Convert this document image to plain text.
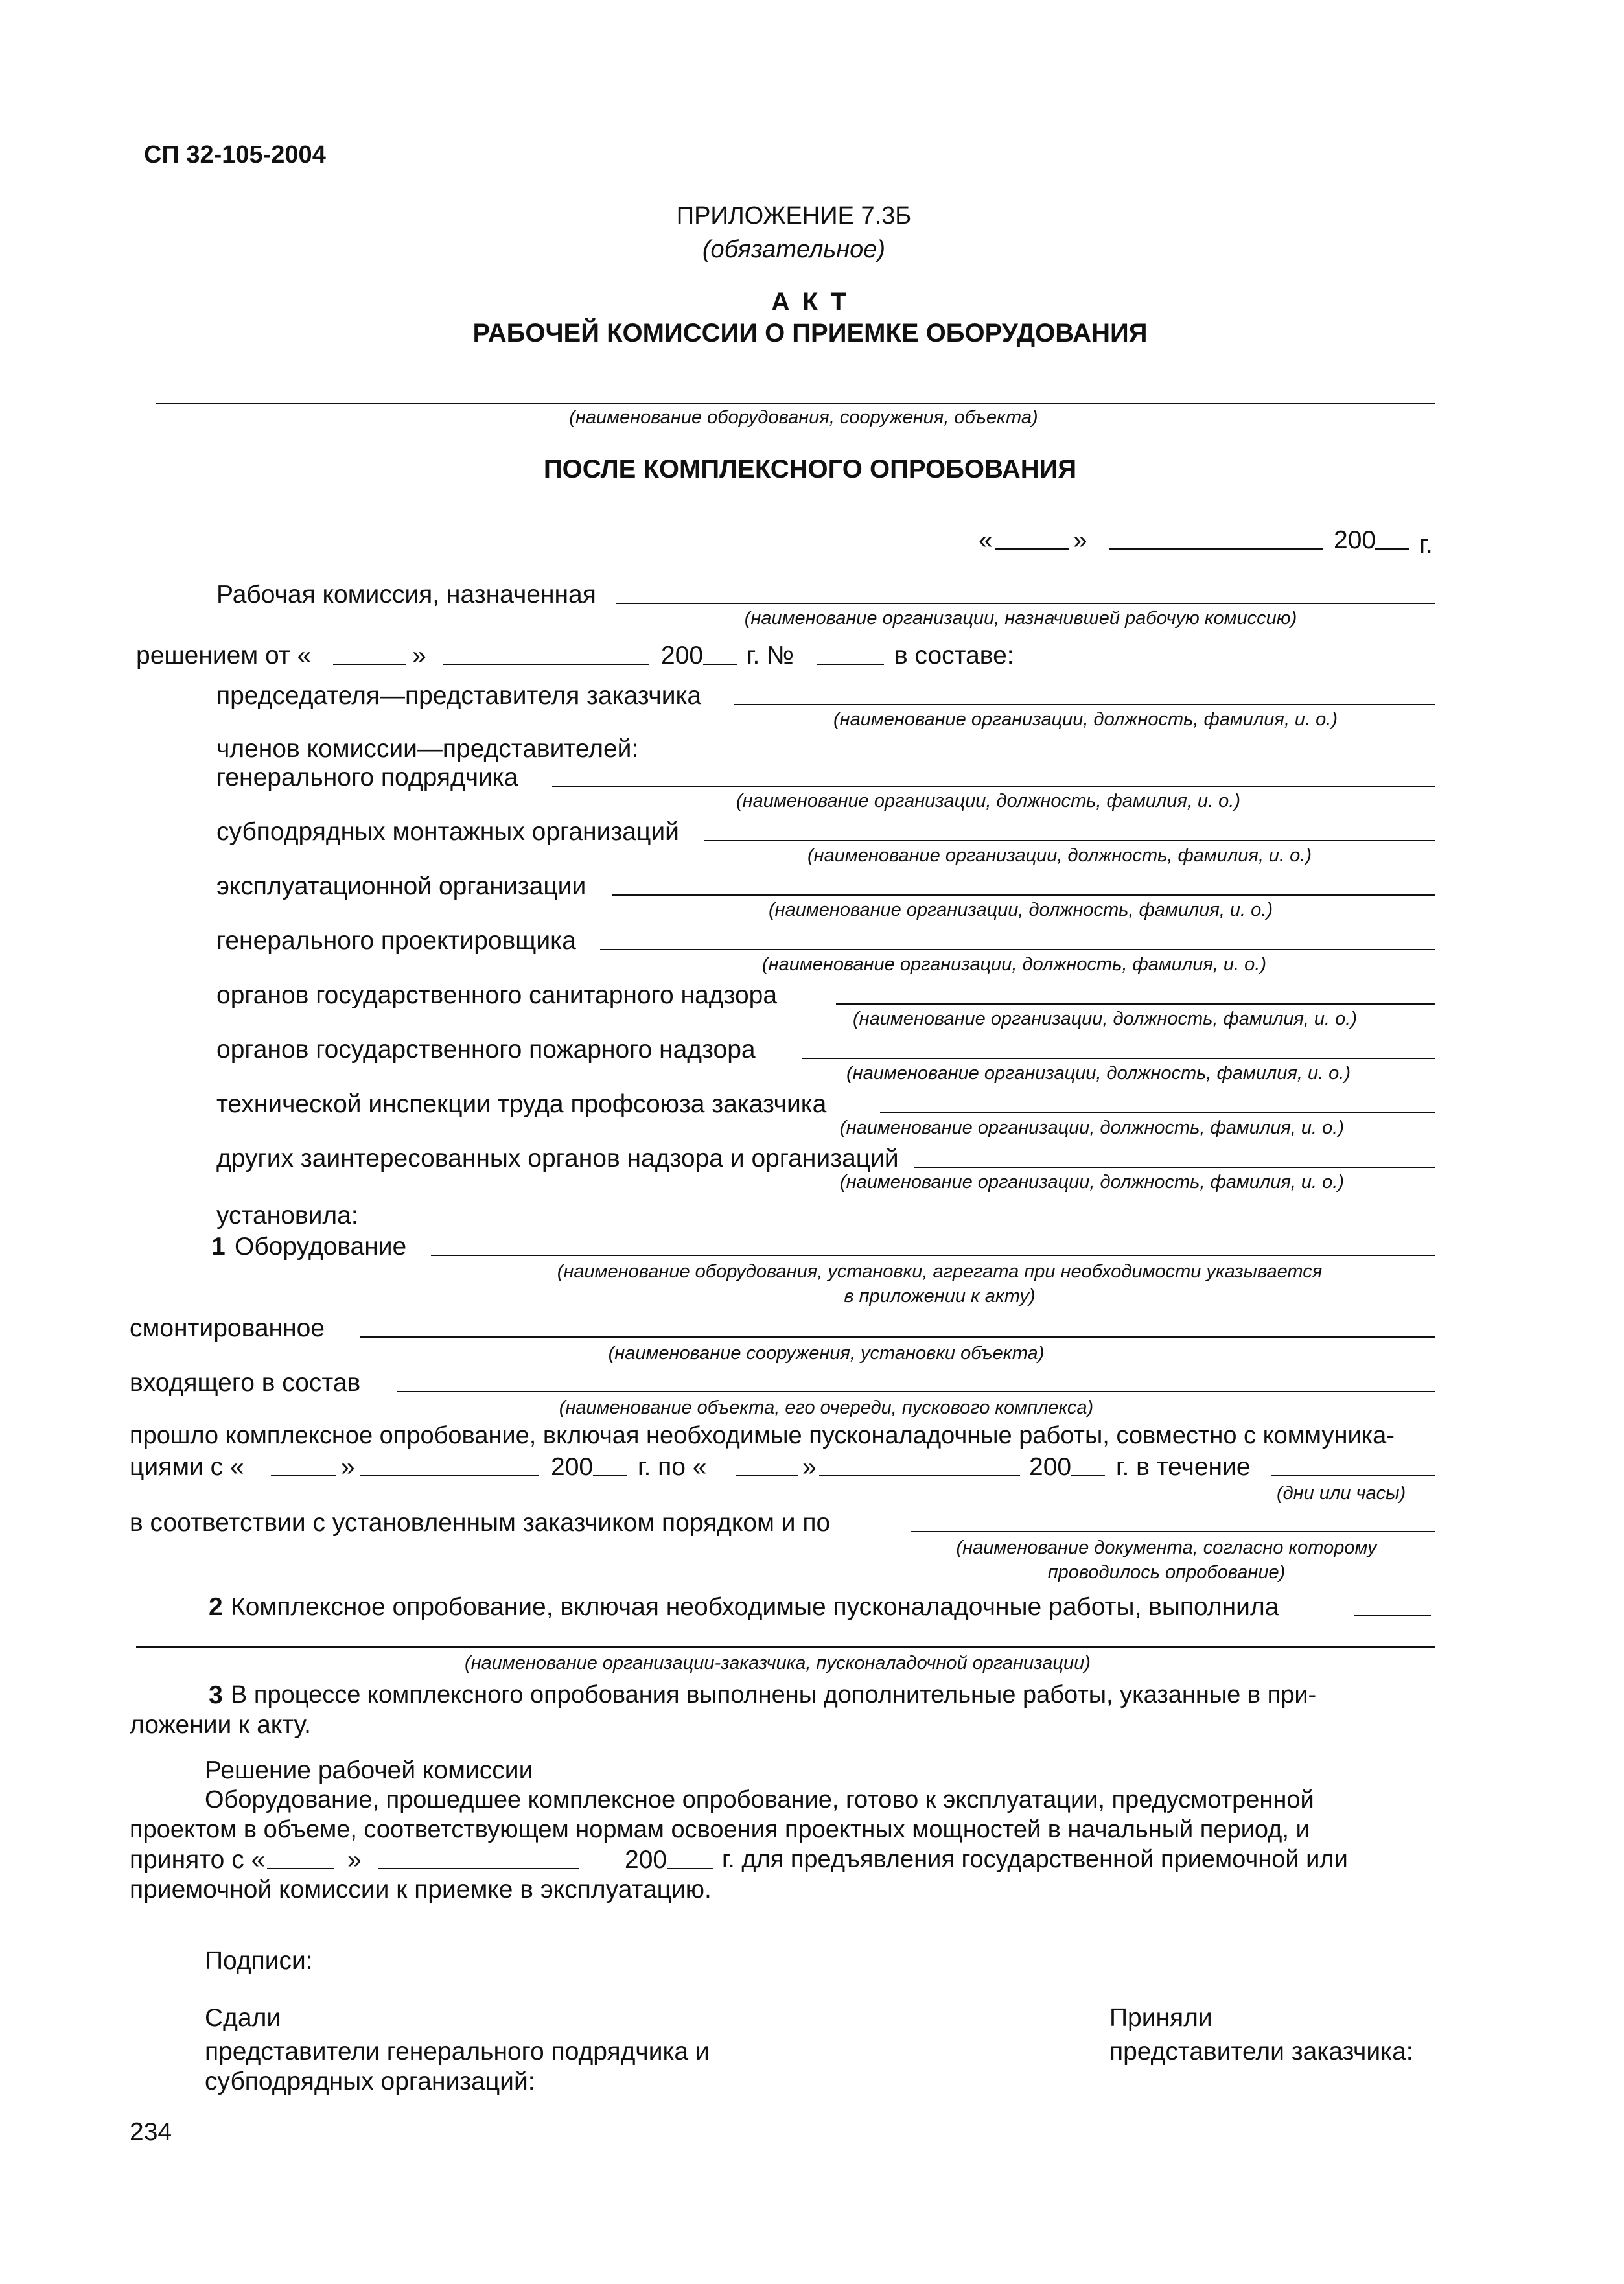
СП 32-105-2004
ПРИЛОЖЕНИЕ 7.3Б
(обязательное)
А К Т
РАБОЧЕЙ КОМИССИИ О ПРИЕМКЕ ОБОРУДОВАНИЯ
(наименование оборудования, сооружения, объекта)
ПОСЛЕ КОМПЛЕКСНОГО ОПРОБОВАНИЯ
«	»	200 г.
Рабочая комиссия, назначенная
(наименование организации, назначившей рабочую комиссию)
решением от «	»	200 г. №	в составе:
председателя—представителя заказчика
(наименование организации, должность, фамилия, и. о.)
членов комиссии—представителей:
генерального подрядчика
(наименование организации, должность, фамилия, и. о.)
субподрядных монтажных организаций
(наименование организации, должность, фамилия, и. о.)
эксплуатационной организации
(наименование организации, должность, фамилия, и. о.)
генерального проектировщика
(наименование организации, должность, фамилия, и. о.)
органов государственного санитарного надзора
(наименование организации, должность, фамилия, и. о.)
органов государственного пожарного надзора
(наименование организации, должность, фамилия, и. о.)
технической инспекции труда профсоюза заказчика
(наименование организации, должность, фамилия, и. о.)
других заинтересованных органов надзора и организаций
(наименование организации, должность, фамилия, и. о.)
установила:
1 Оборудование
(наименование оборудования, установки, агрегата при необходимости указывается
в приложении к акту)
смонтированное
(наименование сооружения, установки объекта)
входящего в состав
(наименование объекта, его очереди, пускового комплекса)
прошло комплексное опробование, включая необходимые пусконаладочные работы, совместно с коммуника-
циями с «	»	200 г. по «	»	200 г. в течение
(дни или часы)
в соответствии с установленным заказчиком порядком и по
(наименование документа, согласно которому
проводилось опробование)
2 Комплексное опробование, включая необходимые пусконаладочные работы, выполнила
(наименование организации-заказчика, пусконаладочной организации)
3 В процессе комплексного опробования выполнены дополнительные работы, указанные в при-
ложении к акту.
Решение рабочей комиссии
Оборудование, прошедшее комплексное опробование, готово к эксплуатации, предусмотренной
проектом в объеме, соответствующем нормам освоения проектных мощностей в начальный период, и
принято с «	»	200 г. для предъявления государственной приемочной или
приемочной комиссии к приемке в эксплуатацию.
Подписи:
Сдали
представители генерального подрядчика и
субподрядных организаций:
Приняли
представители заказчика:
234
